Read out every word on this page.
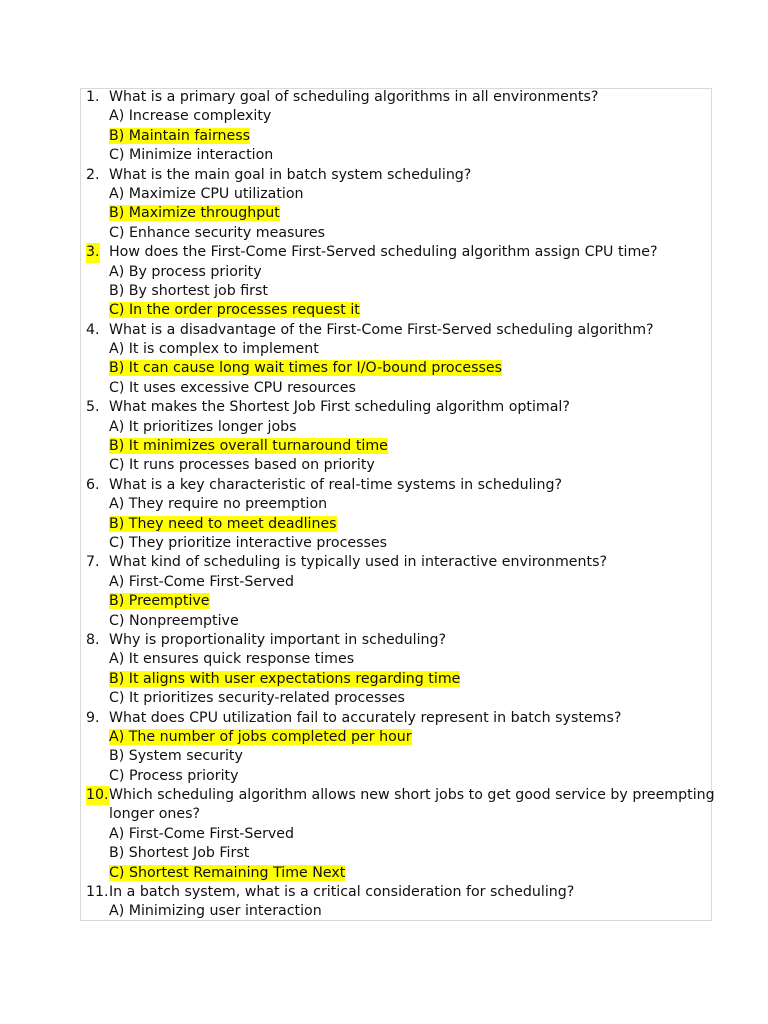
1. What is a primary goal of scheduling algorithms in all environments?
A) Increase complexity
B) Maintain fairness
C) Minimize interaction
2. What is the main goal in batch system scheduling?
A) Maximize CPU utilization
B) Maximize throughput
C) Enhance security measures
3. How does the First-Come First-Served scheduling algorithm assign CPU time?
A) By process priority
B) By shortest job first
C) In the order processes request it
4. What is a disadvantage of the First-Come First-Served scheduling algorithm?
A) It is complex to implement
B) It can cause long wait times for I/O-bound processes
C) It uses excessive CPU resources
5. What makes the Shortest Job First scheduling algorithm optimal?
A) It prioritizes longer jobs
B) It minimizes overall turnaround time
C) It runs processes based on priority
6. What is a key characteristic of real-time systems in scheduling?
A) They require no preemption
B) They need to meet deadlines
C) They prioritize interactive processes
7. What kind of scheduling is typically used in interactive environments?
A) First-Come First-Served
B) Preemptive
C) Nonpreemptive
8. Why is proportionality important in scheduling?
A) It ensures quick response times
B) It aligns with user expectations regarding time
C) It prioritizes security-related processes
9. What does CPU utilization fail to accurately represent in batch systems?
A) The number of jobs completed per hour
B) System security
C) Process priority
10. Which scheduling algorithm allows new short jobs to get good service by preempting
longer ones?
A) First-Come First-Served
B) Shortest Job First
C) Shortest Remaining Time Next
11. In a batch system, what is a critical consideration for scheduling?
A) Minimizing user interaction
